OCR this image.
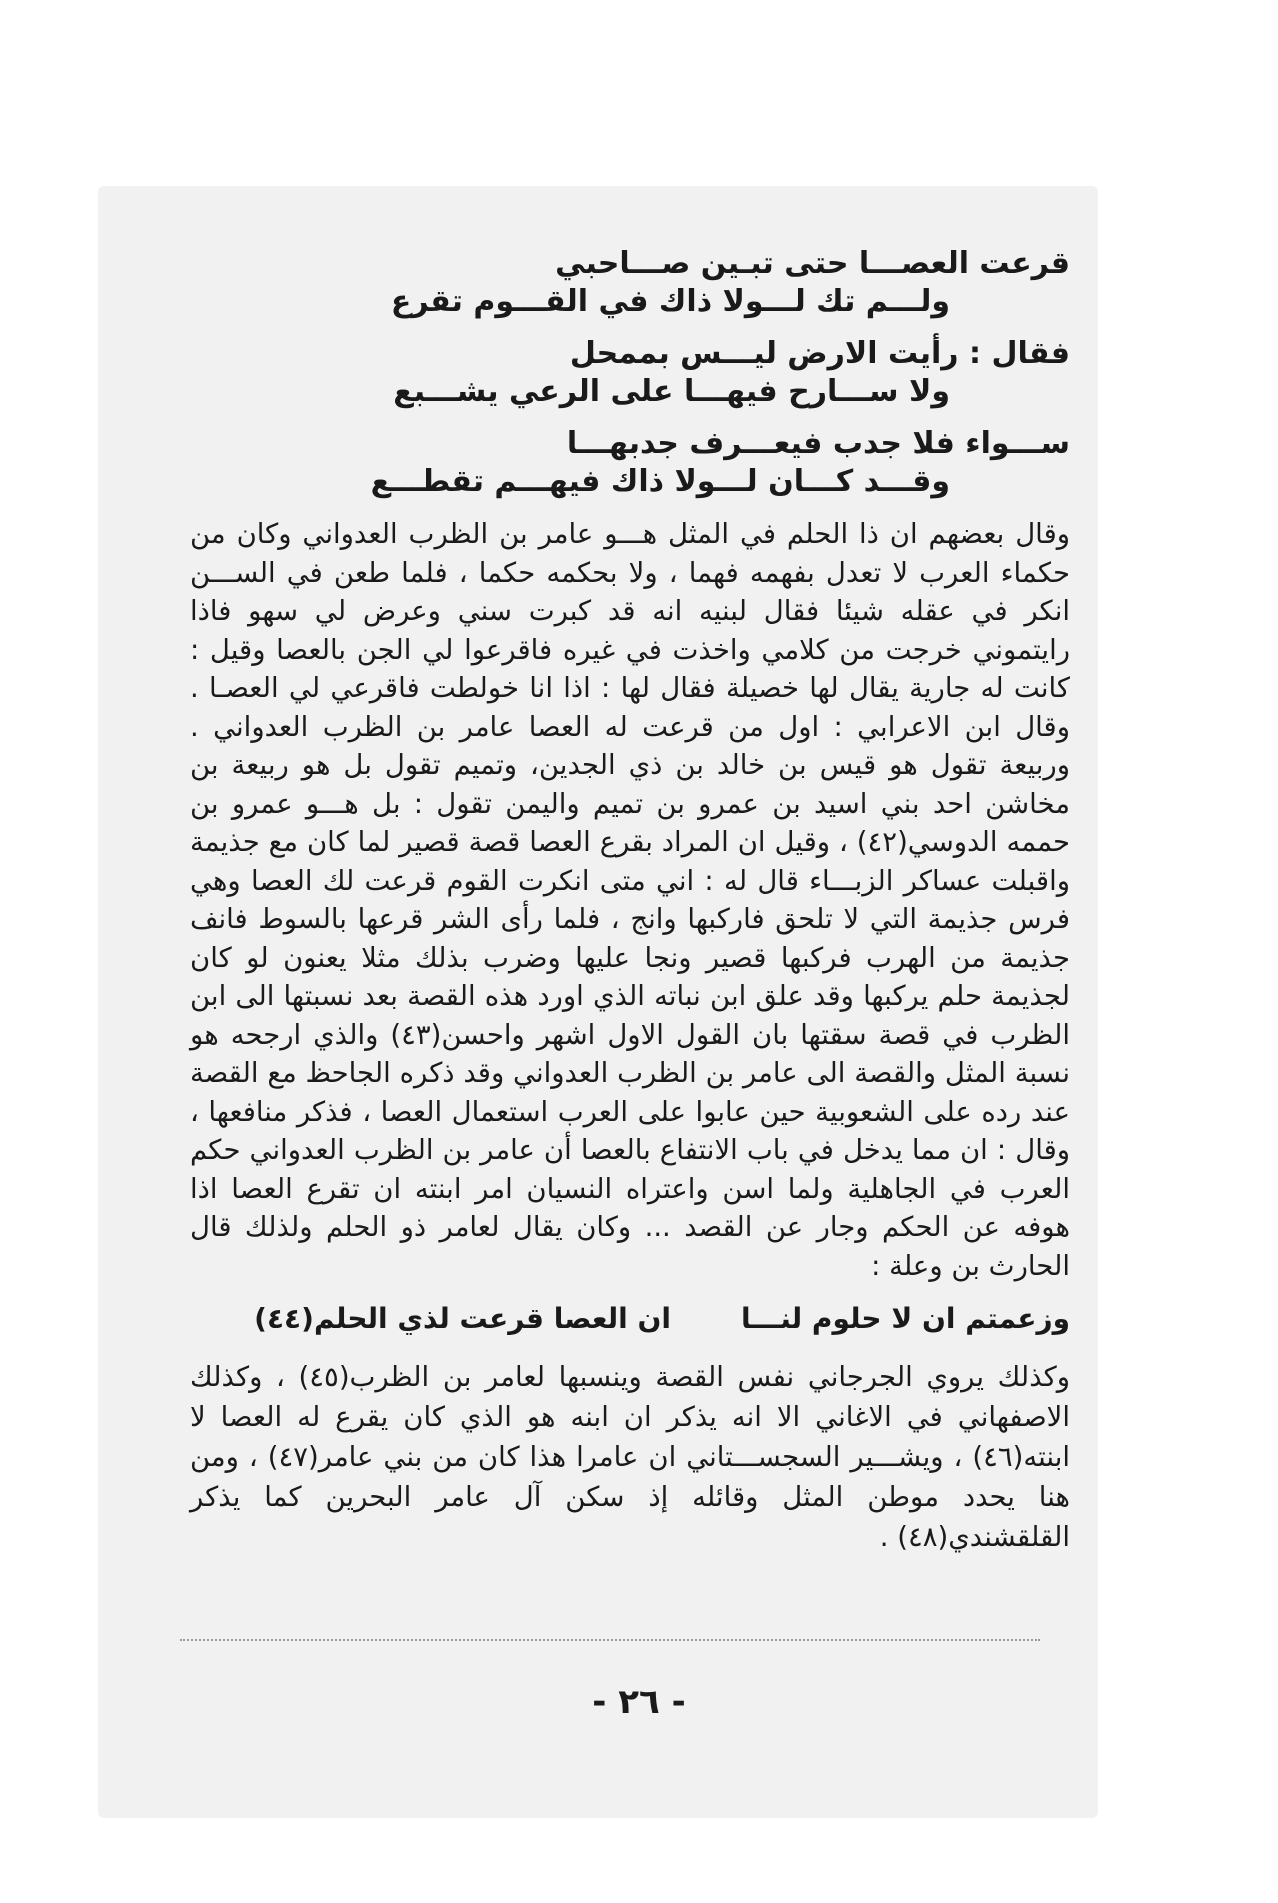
قرعت العصـــا حتى تبـين صـــاحبي

ولـــم تك لـــولا ذاك في القـــوم تقرع

فقال : رأيت الارض ليـــس بممحل

ولا ســـارح فيهـــا على الرعي يشـــبع

ســـواء فلا جدب فيعـــرف جدبهـــا

وقـــد كـــان لـــولا ذاك فيهـــم تقطـــع

وقال بعضهم ان ذا الحلم في المثل هـــو عامر بن الظرب العدواني وكان من حكماء العرب لا تعدل بفهمه فهما ، ولا بحكمه حكما ، فلما طعن في الســـن انكر في عقله شيئا فقال لبنيه انه قد كبرت سني وعرض لي سهو فاذا رايتموني خرجت من كلامي واخذت في غيره فاقرعوا لي الجن بالعصا وقيل : كانت له جارية يقال لها خصيلة فقال لها : اذا انا خولطت فاقرعي لي العصـا . وقال ابن الاعرابي : اول من قرعت له العصا عامر بن الظرب العدواني . وربيعة تقول هو قيس بن خالد بن ذي الجدين، وتميم تقول بل هو ربيعة بن مخاشن احد بني اسيد بن عمرو بن تميم واليمن تقول : بل هـــو عمرو بن حممه الدوسي(٤٢) ، وقيل ان المراد بقرع العصا قصة قصير لما كان مع جذيمة واقبلت عساكر الزبـــاء قال له : اني متى انكرت القوم قرعت لك العصا وهي فرس جذيمة التي لا تلحق فاركبها وانج ، فلما رأى الشر قرعها بالسوط فانف جذيمة من الهرب فركبها قصير ونجا عليها وضرب بذلك مثلا يعنون لو كان لجذيمة حلم يركبها وقد علق ابن نباته الذي اورد هذه القصة بعد نسبتها الى ابن الظرب في قصة سقتها بان القول الاول اشهر واحسن(٤٣) والذي ارجحه هو نسبة المثل والقصة الى عامر بن الظرب العدواني وقد ذكره الجاحظ مع القصة عند رده على الشعوبية حين عابوا على العرب استعمال العصا ، فذكر منافعها ، وقال : ان مما يدخل في باب الانتفاع بالعصا أن عامر بن الظرب العدواني حكم العرب في الجاهلية ولما اسن واعتراه النسيان امر ابنته ان تقرع العصا اذا هوفه عن الحكم وجار عن القصد ... وكان يقال لعامر ذو الحلم ولذلك قال الحارث بن وعلة :

وزعمتم ان لا حلوم لنـــا
ان العصا قرعت لذي الحلم(٤٤)

وكذلك يروي الجرجاني نفس القصة وينسبها لعامر بن الظرب(٤٥) ، وكذلك الاصفهاني في الاغاني الا انه يذكر ان ابنه هو الذي كان يقرع له العصا لا ابنته(٤٦) ، ويشـــير السجســـتاني ان عامرا هذا كان من بني عامر(٤٧) ، ومن هنا يحدد موطن المثل وقائله إذ سكن آل عامر البحرين كما يذكر القلقشندي(٤٨) .

- ٢٦ -
